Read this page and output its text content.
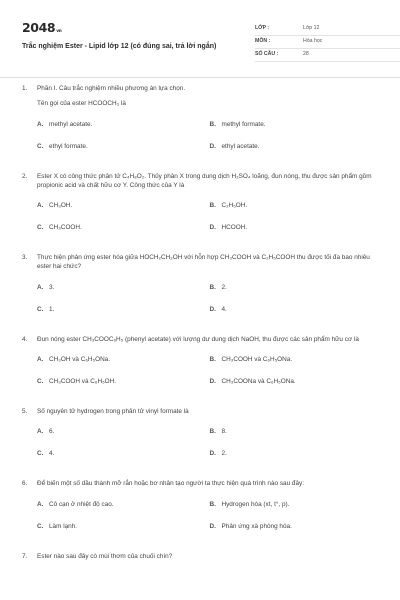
2048vn
Trắc nghiệm Ester - Lipid lớp 12 (có đúng sai, trả lời ngắn)
LỚP :	Lớp 12
MÔN :	Hóa học
SỐ CÂU :	28
1.	Phần I. Câu trắc nghiệm nhiều phương án lựa chọn.
Tên gọi của ester HCOOCH₃ là
A. methyl acetate.	B. methyl formate.
C. ethyl formate.	D. ethyl acetate.
2.	Ester X có công thức phân tử C₄H₈O₂. Thủy phân X trong dung dịch H₂SO₄ loãng, đun nóng, thu được sản phẩm gồm propionic acid và chất hữu cơ Y. Công thức của Y là
A. CH₃OH.	B. C₂H₅OH.
C. CH₃COOH.	D. HCOOH.
3.	Thực hiện phản ứng ester hóa giữa HOCH₂CH₂OH với hỗn hợp CH₃COOH và C₂H₅COOH thu được tối đa bao nhiêu ester hai chức?
A. 3.	B. 2.
C. 1.	D. 4.
4.	Đun nóng ester CH₃COOC₆H₅ (phenyl acetate) với lượng dư dung dịch NaOH, thu được các sản phẩm hữu cơ là
A. CH₃OH và C₆H₅ONa.	B. CH₃COOH và C₆H₅ONa.
C. CH₃COOH và C₆H₅OH.	D. CH₃COONa và C₆H₅ONa.
5.	Số nguyên tử hydrogen trong phân tử vinyl formate là
A. 6.	B. 8.
C. 4.	D. 2.
6.	Để biến một số dầu thành mỡ rắn hoặc bơ nhân tạo người ta thực hiện quá trình nào sau đây:
A. Cô cạn ở nhiệt độ cao.	B. Hydrogen hóa (xt, t°, p).
C. Làm lạnh.	D. Phản ứng xà phòng hóa.
7.	Ester nào sau đây có mùi thơm của chuối chín?
